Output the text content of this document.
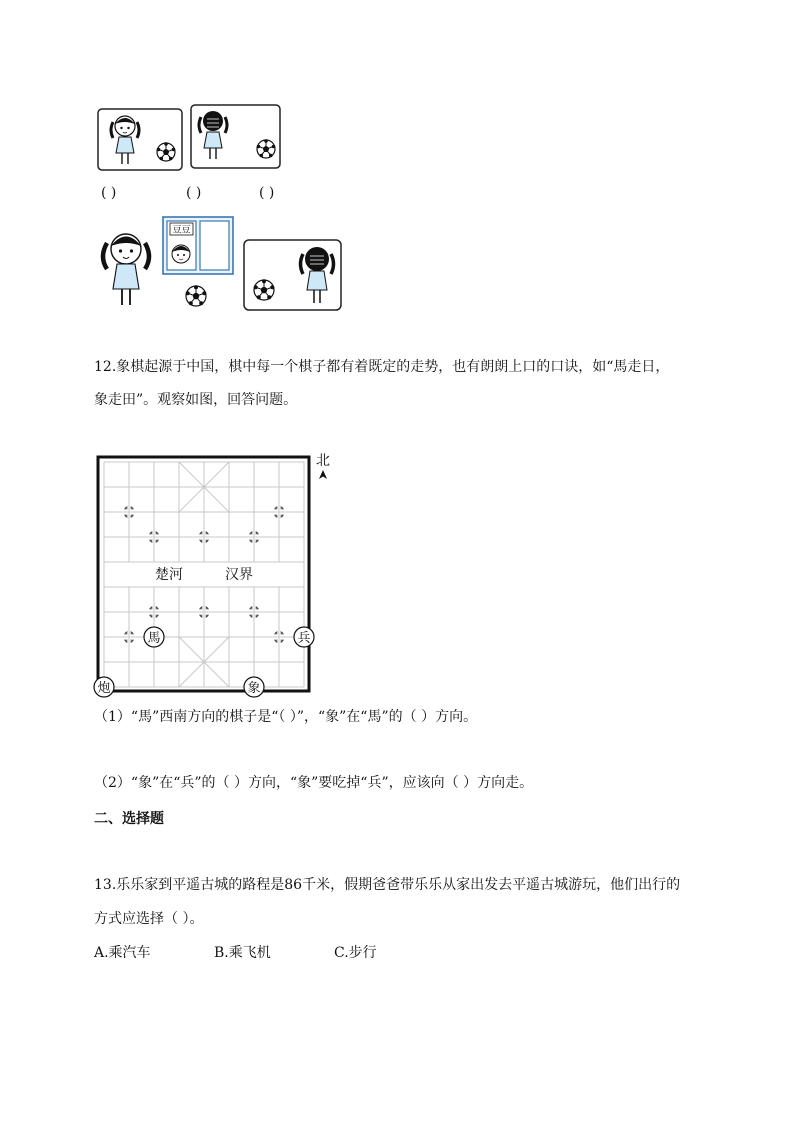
( )	( )	( )
豆豆
12.象棋起源于中国，棋中每一个棋子都有着既定的走势，也有朗朗上口的口诀，如“馬走日，
象走田”。观察如图，回答问题。
楚河	汉界
北
馬	兵
炮	象
（1）“馬”西南方向的棋子是“（ ）”，“象”在“馬”的（ ）方向。
（2）“象”在“兵”的（ ）方向，“象”要吃掉“兵”，应该向（ ）方向走。
二、选择题
13.乐乐家到平遥古城的路程是86千米，假期爸爸带乐乐从家出发去平遥古城游玩，他们出行的
方式应选择（ ）。
A.乘汽车	B.乘飞机	C.步行
